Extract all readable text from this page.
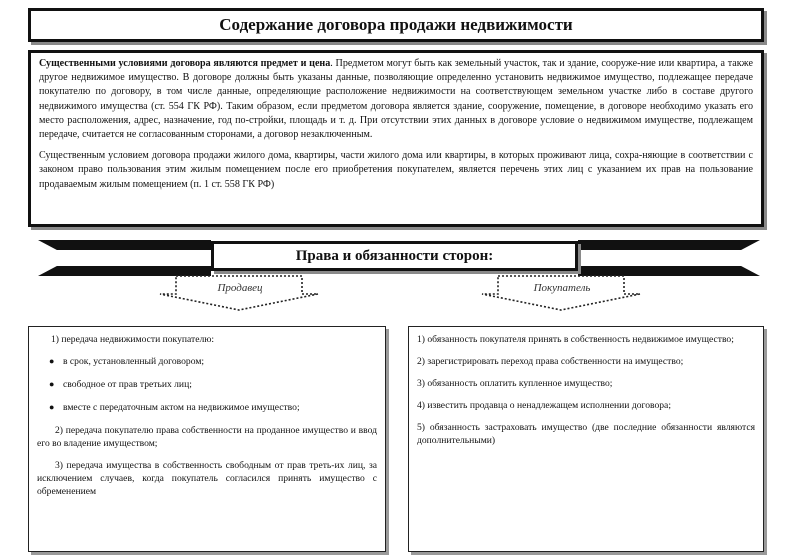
Содержание договора продажи недвижимости

Существенными условиями договора являются предмет и цена. Предметом могут быть как земельный участок, так и здание, сооруже-ние или квартира, а также другое недвижимое имущество. В договоре должны быть указаны данные, позволяющие определенно установить недвижимое имущество, подлежащее передаче покупателю по договору, в том числе данные, определяющие расположение недвижимости на соответствующем земельном участке либо в составе другого недвижимого имущества (ст. 554 ГК РФ). Таким образом, если предметом договора является здание, сооружение, помещение, в договоре необходимо указать его место расположения, адрес, назначение, год по-стройки, площадь и т. д. При отсутствии этих данных в договоре условие о недвижимом имуществе, подлежащем передаче, считается не согласованным сторонами, а договор незаключенным.

Существенным условием договора продажи жилого дома, квартиры, части жилого дома или квартиры, в которых проживают лица, сохра-няющие в соответствии с законом право пользования этим жилым помещением после его приобретения покупателем, является перечень этих лиц с указанием их прав на пользование продаваемым жилым помещением (п. 1 ст. 558 ГК РФ)

Права и обязанности сторон:
Продавец	Покупатель
1) передача недвижимости покупателю:
● в срок, установленный договором;
● свободное от прав третьих лиц;
● вместе с передаточным актом на недвижимое имущество;
2) передача покупателю права собственности на проданное имущество и ввод его во владение имуществом;
3) передача имущества в собственность свободным от прав треть-их лиц, за исключением случаев, когда покупатель согласился принять имущество с обременением
1) обязанность покупателя принять в собственность недвижимое имущество;
2) зарегистрировать переход права собственности на имущество;
3) обязанность оплатить купленное имущество;
4) известить продавца о ненадлежащем исполнении договора;
5) обязанность застраховать имущество (две последние обязанности являются дополнительными)
